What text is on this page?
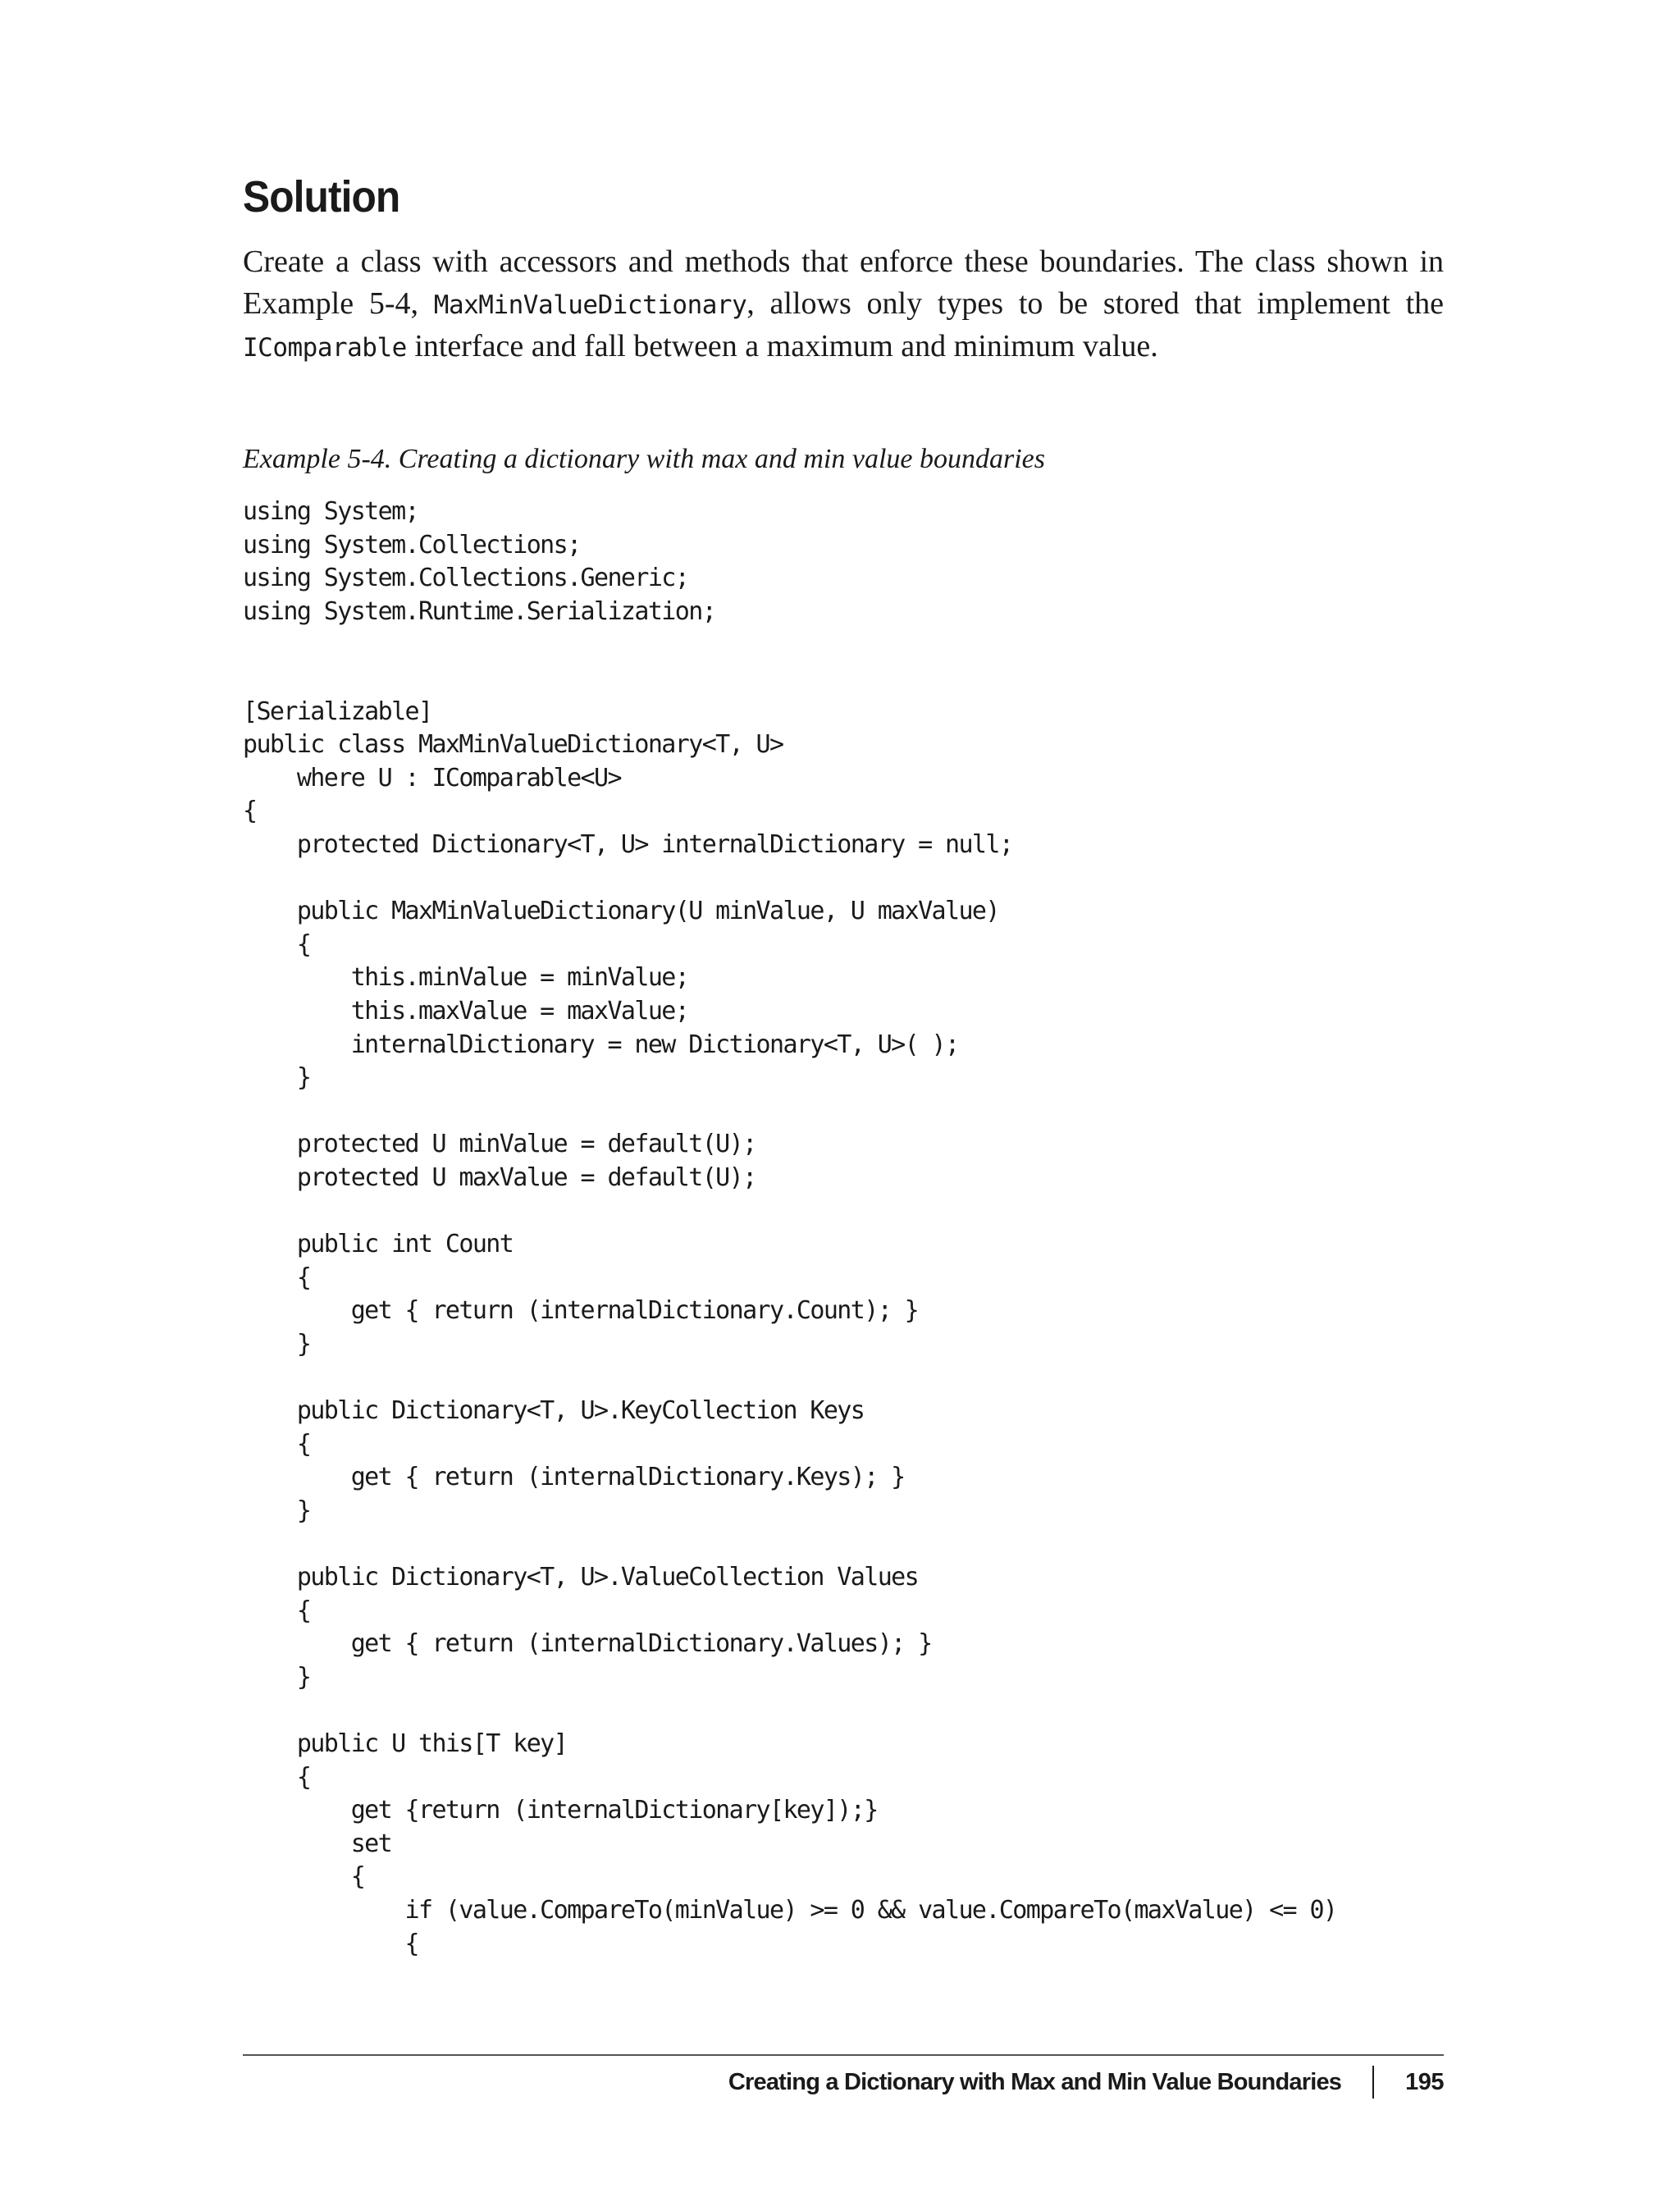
Solution

Create a class with accessors and methods that enforce these boundaries. The class shown in Example 5-4, MaxMinValueDictionary, allows only types to be stored that implement the IComparable interface and fall between a maximum and minimum value.

Example 5-4. Creating a dictionary with max and min value boundaries

using System;
using System.Collections;
using System.Collections.Generic;
using System.Runtime.Serialization;

[Serializable]
public class MaxMinValueDictionary<T, U>
where U : IComparable<U>
{
protected Dictionary<T, U> internalDictionary = null;

public MaxMinValueDictionary(U minValue, U maxValue)
{
this.minValue = minValue;
this.maxValue = maxValue;
internalDictionary = new Dictionary<T, U>( );
}

protected U minValue = default(U);
protected U maxValue = default(U);

public int Count
{
get { return (internalDictionary.Count); }
}

public Dictionary<T, U>.KeyCollection Keys
{
get { return (internalDictionary.Keys); }
}

public Dictionary<T, U>.ValueCollection Values
{
get { return (internalDictionary.Values); }
}

public U this[T key]
{
get {return (internalDictionary[key]);}
set
{
if (value.CompareTo(minValue) >= 0 && value.CompareTo(maxValue) <= 0)
{
Creating a Dictionary with Max and Min Value Boundaries	195
